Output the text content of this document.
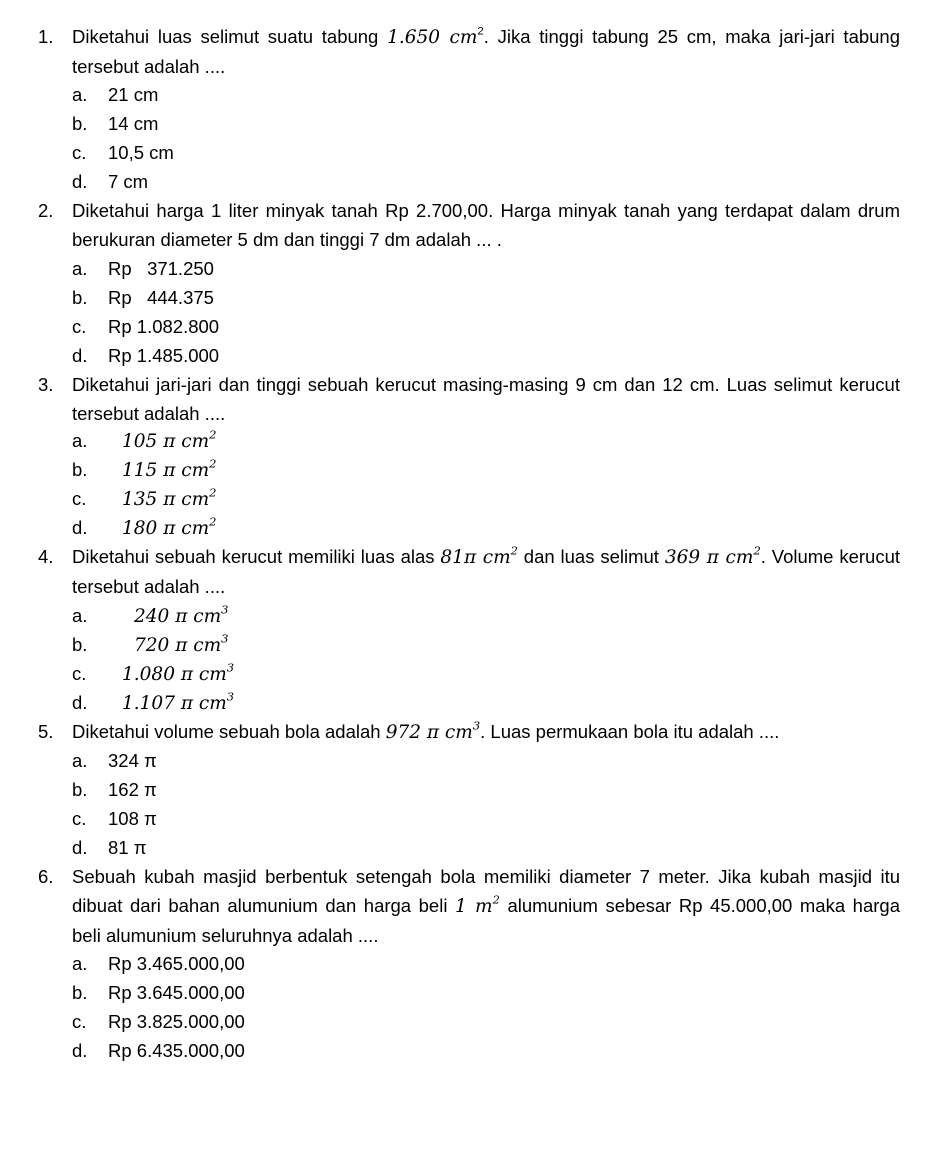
1. Diketahui luas selimut suatu tabung 1.650 $cm^2$. Jika tinggi tabung 25 cm, maka jari-jari tabung tersebut adalah ....
a. 21 cm
b. 14 cm
c. 10,5 cm
d. 7 cm
2. Diketahui harga 1 liter minyak tanah Rp 2.700,00. Harga minyak tanah yang terdapat dalam drum berukuran diameter 5 dm dan tinggi 7 dm adalah ... .
a. Rp   371.250
b. Rp   444.375
c. Rp 1.082.800
d. Rp 1.485.000
3. Diketahui jari-jari dan tinggi sebuah kerucut masing-masing 9 cm dan 12 cm. Luas selimut kerucut tersebut adalah ....
a. 105 π $cm^2$
b. 115 π $cm^2$
c. 135 π $cm^2$
d. 180 π $cm^2$
4. Diketahui sebuah kerucut memiliki luas alas 81π $cm^2$ dan luas selimut 369 π $cm^2$. Volume kerucut tersebut adalah ....
a.	240 π $cm^3$
b.	720 π $cm^3$
c. 1.080 π $cm^3$
d. 1.107 π $cm^3$
5. Diketahui volume sebuah bola adalah 972 π $cm^3$. Luas permukaan bola itu adalah ....
a. 324 π
b. 162 π
c. 108 π
d. 81 π
6. Sebuah kubah masjid berbentuk setengah bola memiliki diameter 7 meter. Jika kubah masjid itu dibuat dari bahan alumunium dan harga beli 1 $m^2$ alumunium sebesar Rp 45.000,00 maka harga beli alumunium seluruhnya adalah ....
a. Rp 3.465.000,00
b. Rp 3.645.000,00
c. Rp 3.825.000,00
d. Rp 6.435.000,00
